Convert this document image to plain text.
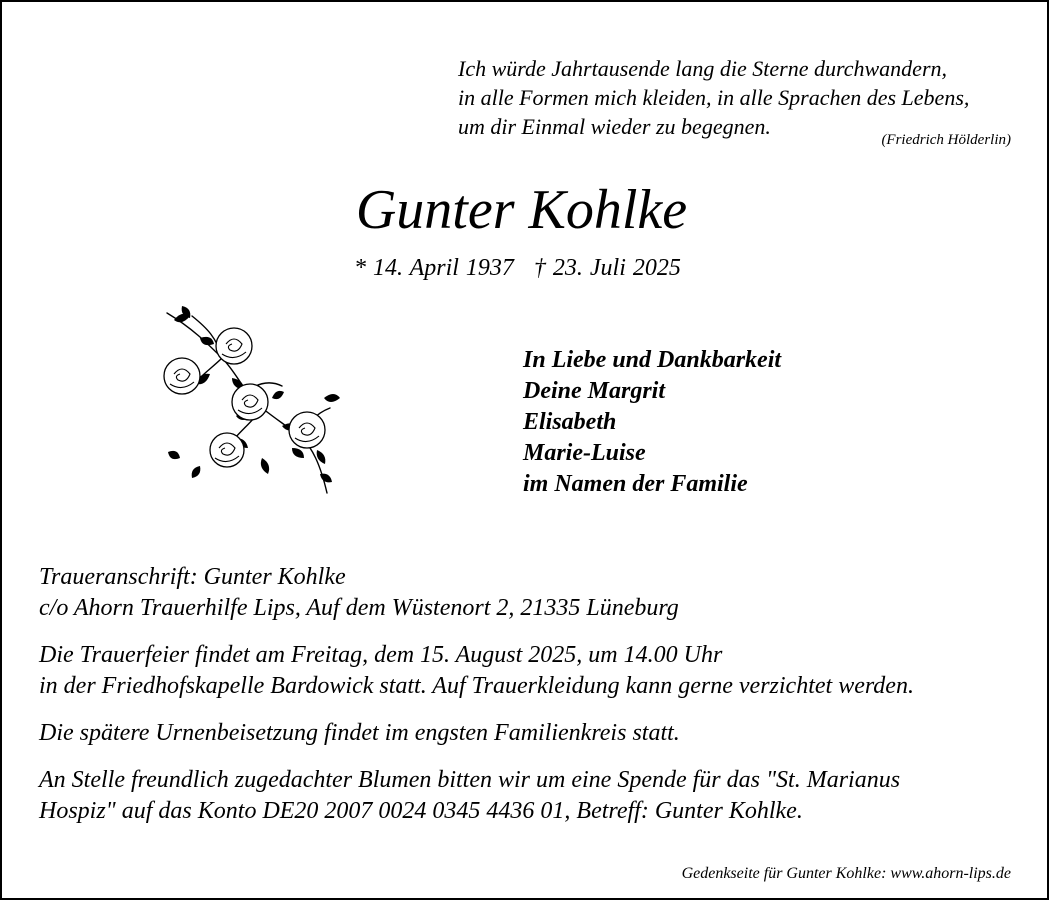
Ich würde Jahrtausende lang die Sterne durchwandern,
in alle Formen mich kleiden, in alle Sprachen des Lebens,
um dir Einmal wieder zu begegnen.
(Friedrich Hölderlin)
Gunter Kohlke
* 14. April 1937 † 23. Juli 2025
In Liebe und Dankbarkeit
Deine Margrit
Elisabeth
Marie-Luise
im Namen der Familie
Traueranschrift: Gunter Kohlke
c/o Ahorn Trauerhilfe Lips, Auf dem Wüstenort 2, 21335 Lüneburg
Die Trauerfeier findet am Freitag, dem 15. August 2025, um 14.00 Uhr
in der Friedhofskapelle Bardowick statt. Auf Trauerkleidung kann gerne verzichtet werden.
Die spätere Urnenbeisetzung findet im engsten Familienkreis statt.
An Stelle freundlich zugedachter Blumen bitten wir um eine Spende für das "St. Marianus
Hospiz" auf das Konto DE20 2007 0024 0345 4436 01, Betreff: Gunter Kohlke.
Gedenkseite für Gunter Kohlke: www.ahorn-lips.de
